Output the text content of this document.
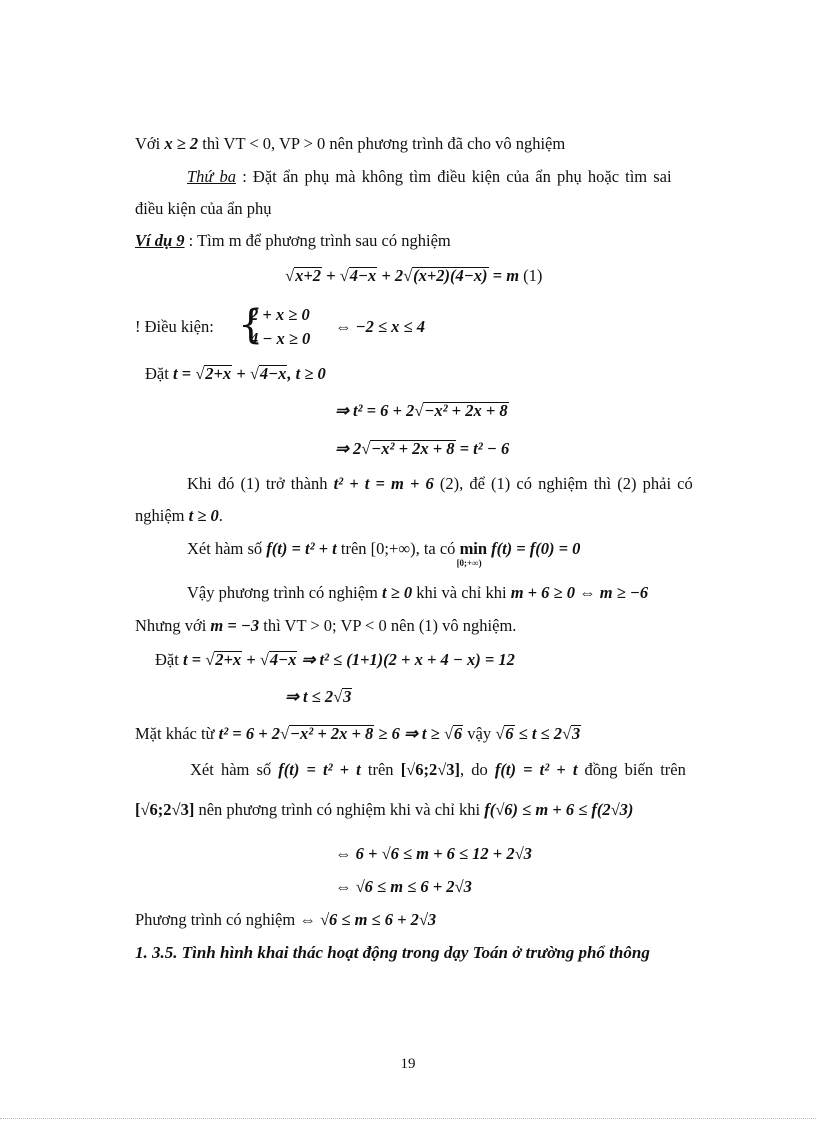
Với x ≥ 2 thì VT < 0, VP > 0 nên phương trình đã cho vô nghiệm
Thứ ba : Đặt ẩn phụ mà không tìm điều kiện của ẩn phụ hoặc tìm sai
điều kiện của ẩn phụ
Ví dụ 9 : Tìm m để phương trình sau có nghiệm
√x+2 + √4−x + 2√(x+2)(4−x) = m (1)
! Điều kiện: {
2 + x ≥ 0
4 − x ≥ 0
⇔ −2 ≤ x ≤ 4
Đặt t = √2+x + √4−x, t ≥ 0
⇒ t² = 6 + 2√−x² + 2x + 8
⇒ 2√−x² + 2x + 8 = t² − 6
Khi đó (1) trở thành t² + t = m + 6 (2), để (1) có nghiệm thì (2) phải có
nghiệm t ≥ 0.
Xét hàm số f(t) = t² + t trên [0;+∞), ta có min
[0;+∞)
f(t) = f(0) = 0
Vậy phương trình có nghiệm t ≥ 0 khi và chỉ khi m + 6 ≥ 0 ⇔ m ≥ −6
Nhưng với m = −3 thì VT > 0; VP < 0 nên (1) vô nghiệm.
Đặt t = √2+x + √4−x ⇒ t² ≤ (1+1)(2 + x + 4 − x) = 12
⇒ t ≤ 2√3
Mặt khác từ t² = 6 + 2√−x² + 2x + 8 ≥ 6 ⇒ t ≥ √6 vậy √6 ≤ t ≤ 2√3
Xét hàm số f(t) = t² + t trên [√6;2√3], do f(t) = t² + t đồng biến trên
[√6;2√3] nên phương trình có nghiệm khi và chỉ khi f(√6) ≤ m + 6 ≤ f(2√3)
⇔ 6 + √6 ≤ m + 6 ≤ 12 + 2√3
⇔ √6 ≤ m ≤ 6 + 2√3
Phương trình có nghiệm ⇔ √6 ≤ m ≤ 6 + 2√3
1. 3.5. Tình hình khai thác hoạt động trong dạy Toán ở trường phổ thông
19
